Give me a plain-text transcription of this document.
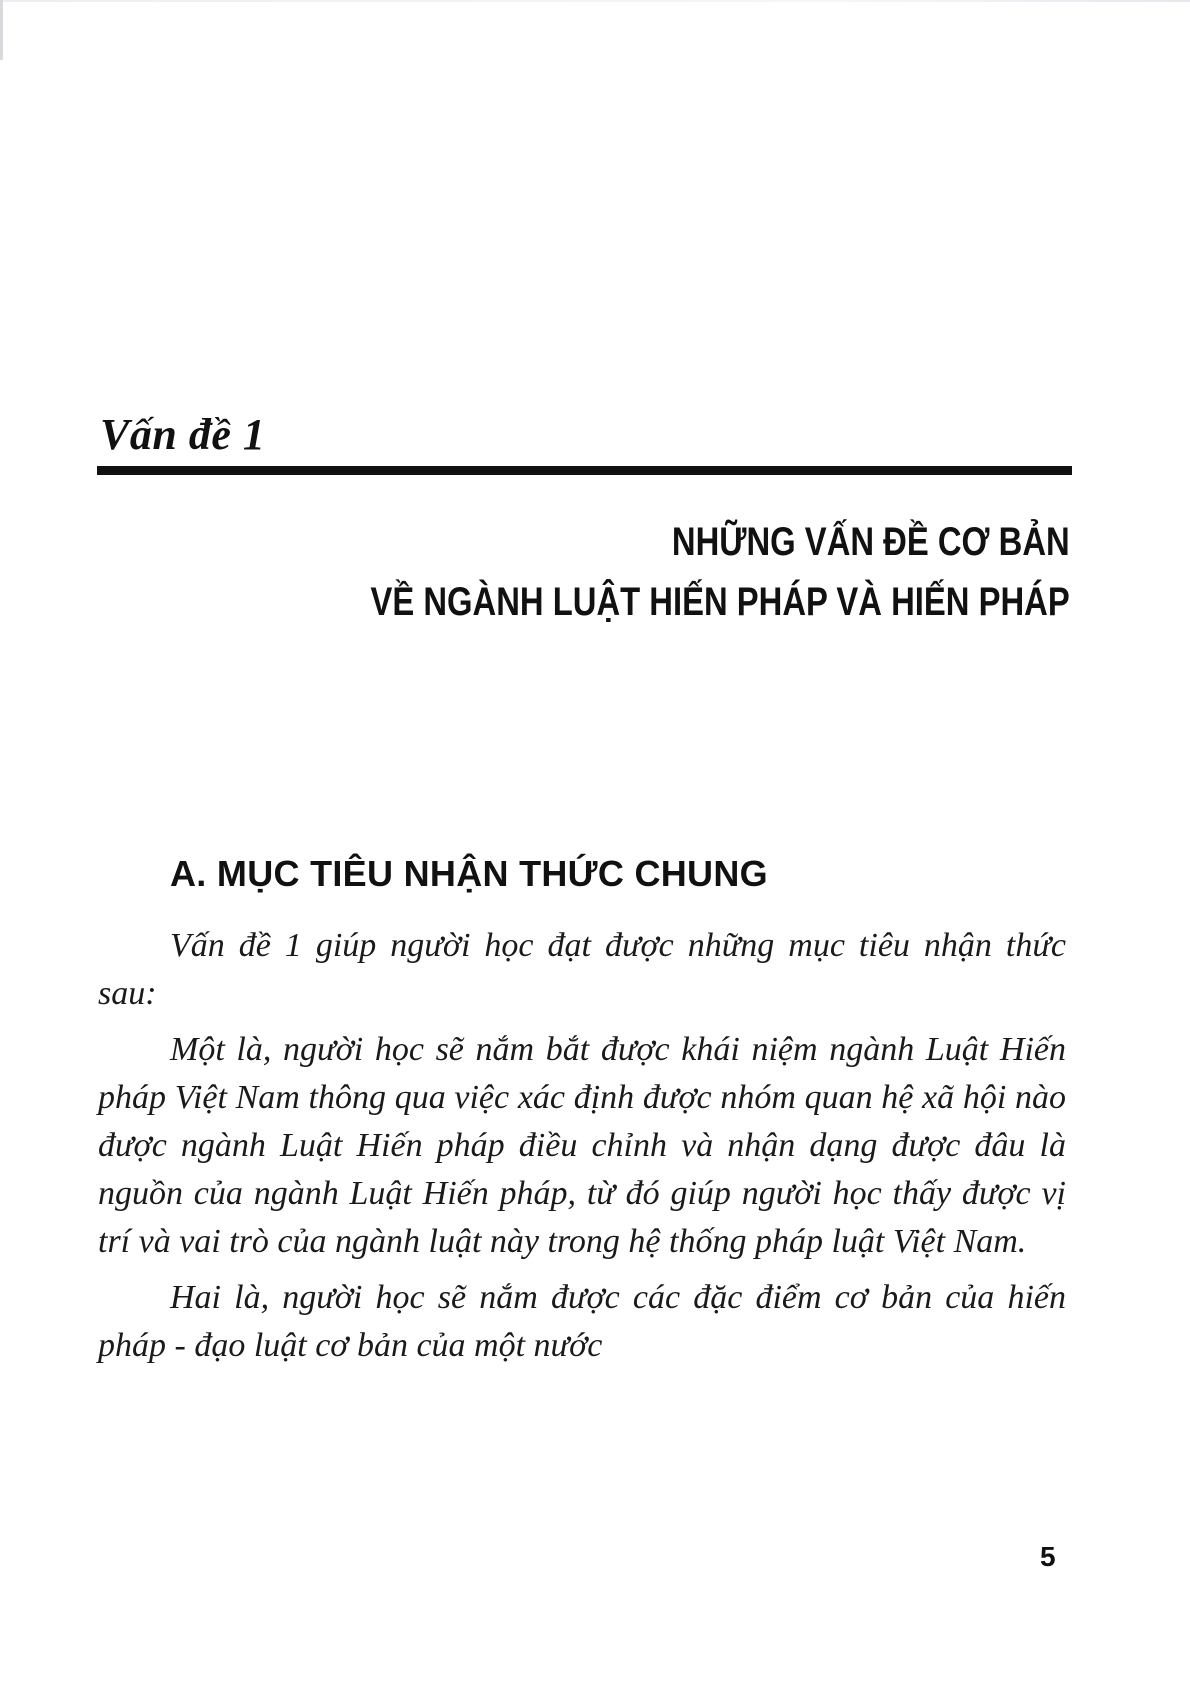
Vấn đề 1
NHỮNG VẤN ĐỀ CƠ BẢN
VỀ NGÀNH LUẬT HIẾN PHÁP VÀ HIẾN PHÁP
A. MỤC TIÊU NHẬN THỨC CHUNG

Vấn đề 1 giúp người học đạt được những mục tiêu nhận thức sau:

Một là, người học sẽ nắm bắt được khái niệm ngành Luật Hiến pháp Việt Nam thông qua việc xác định được nhóm quan hệ xã hội nào được ngành Luật Hiến pháp điều chỉnh và nhận dạng được đâu là nguồn của ngành Luật Hiến pháp, từ đó giúp người học thấy được vị trí và vai trò của ngành luật này trong hệ thống pháp luật Việt Nam.

Hai là, người học sẽ nắm được các đặc điểm cơ bản của hiến pháp - đạo luật cơ bản của một nước

5
